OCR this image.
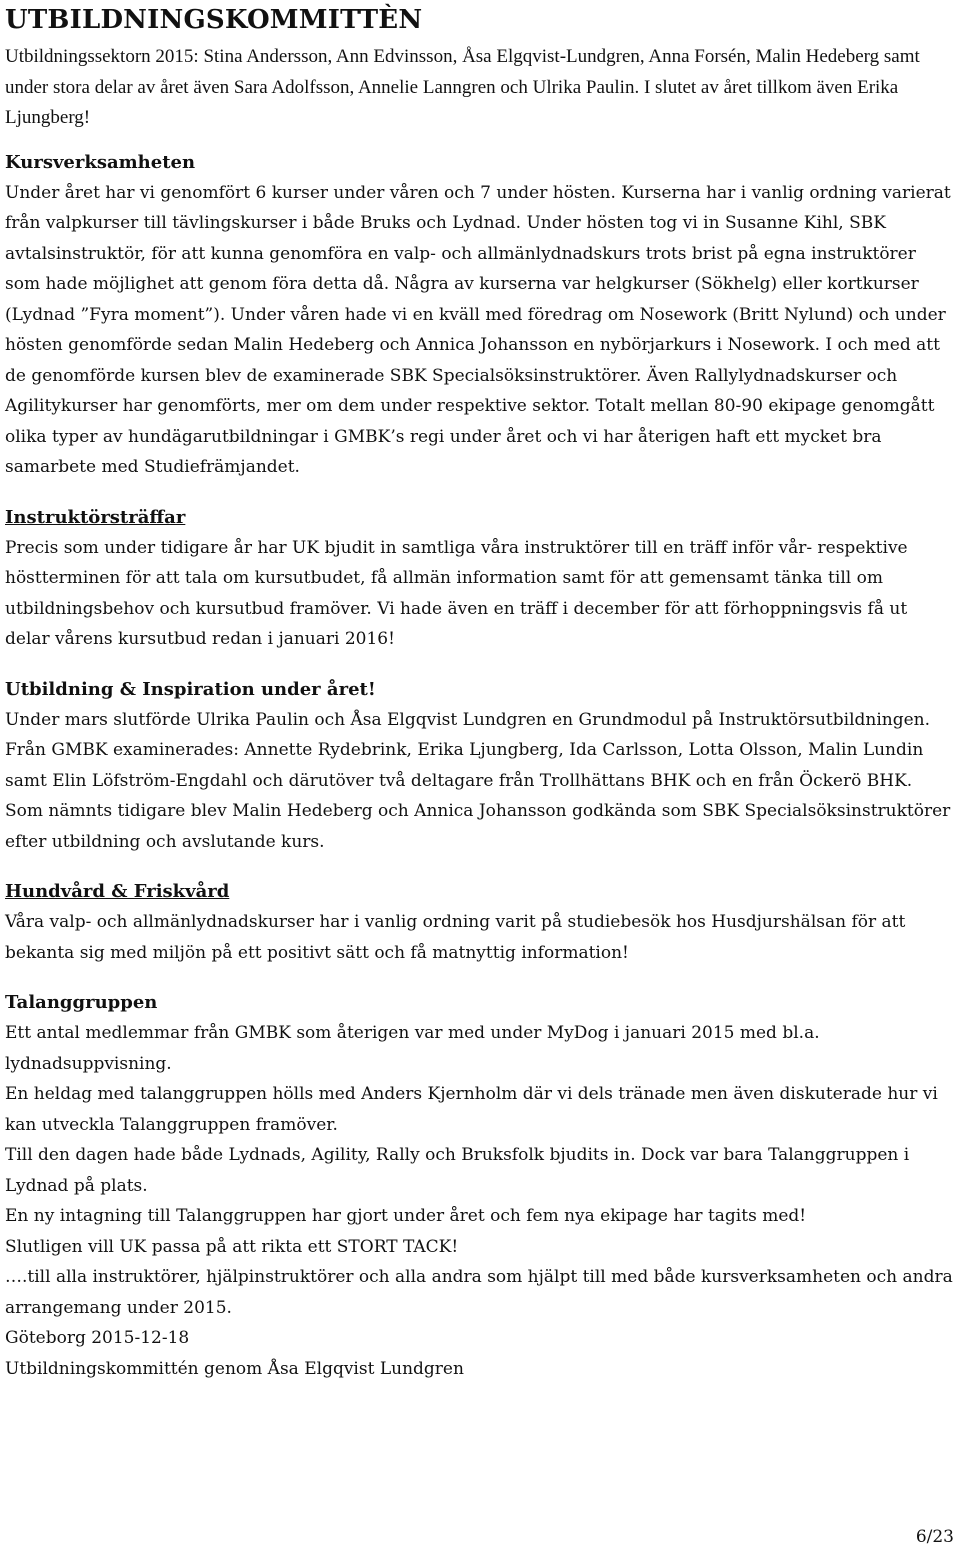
UTBILDNINGSKOMMITTÈN

Utbildningssektorn 2015: Stina Andersson, Ann Edvinsson, Åsa Elgqvist-Lundgren, Anna Forsén, Malin Hedeberg samt under stora delar av året även Sara Adolfsson, Annelie Lanngren och Ulrika Paulin. I slutet av året tillkom även Erika Ljungberg!

Kursverksamheten

Under året har vi genomfört 6 kurser under våren och 7 under hösten. Kurserna har i vanlig ordning varierat från valpkurser till tävlingskurser i både Bruks och Lydnad. Under hösten tog vi in Susanne Kihl, SBK avtalsinstruktör, för att kunna genomföra en valp- och allmänlydnadskurs trots brist på egna instruktörer som hade möjlighet att genom föra detta då. Några av kurserna var helgkurser (Sökhelg) eller kortkurser (Lydnad ”Fyra moment”). Under våren hade vi en kväll med föredrag om Nosework (Britt Nylund) och under hösten genomförde sedan Malin Hedeberg och Annica Johansson en nybörjarkurs i Nosework. I och med att de genomförde kursen blev de examinerade SBK Specialsöksinstruktörer. Även Rallylydnadskurser och Agilitykurser har genomförts, mer om dem under respektive sektor. Totalt mellan 80-90 ekipage genomgått olika typer av hundägarutbildningar i GMBK’s regi under året och vi har återigen haft ett mycket bra samarbete med Studiefrämjandet.

Instruktörsträffar

Precis som under tidigare år har UK bjudit in samtliga våra instruktörer till en träff inför vår- respektive höstterminen för att tala om kursutbudet, få allmän information samt för att gemensamt tänka till om utbildningsbehov och kursutbud framöver. Vi hade även en träff i december för att förhoppningsvis få ut delar vårens kursutbud redan i januari 2016!

Utbildning & Inspiration under året!

Under mars slutförde Ulrika Paulin och Åsa Elgqvist Lundgren en Grundmodul på Instruktörsutbildningen. Från GMBK examinerades: Annette Rydebrink, Erika Ljungberg, Ida Carlsson, Lotta Olsson, Malin Lundin samt Elin Löfström-Engdahl och därutöver två deltagare från Trollhättans BHK och en från Öckerö BHK. Som nämnts tidigare blev Malin Hedeberg och Annica Johansson godkända som SBK Specialsöksinstruktörer efter utbildning och avslutande kurs.

Hundvård & Friskvård

Våra valp- och allmänlydnadskurser har i vanlig ordning varit på studiebesök hos Husdjurshälsan för att bekanta sig med miljön på ett positivt sätt och få matnyttig information!

Talanggruppen

Ett antal medlemmar från GMBK som återigen var med under MyDog i januari 2015 med bl.a. lydnadsuppvisning.

En heldag med talanggruppen hölls med Anders Kjernholm där vi dels tränade men även diskuterade hur vi kan utveckla Talanggruppen framöver.

Till den dagen hade både Lydnads, Agility, Rally och Bruksfolk bjudits in. Dock var bara Talanggruppen i Lydnad på plats.

En ny intagning till Talanggruppen har gjort under året och fem nya ekipage har tagits med!

Slutligen vill UK passa på att rikta ett STORT TACK!

….till alla instruktörer, hjälpinstruktörer och alla andra som hjälpt till med både kursverksamheten och andra arrangemang under 2015.

Göteborg 2015-12-18

Utbildningskommittén genom Åsa Elgqvist Lundgren

6/23
